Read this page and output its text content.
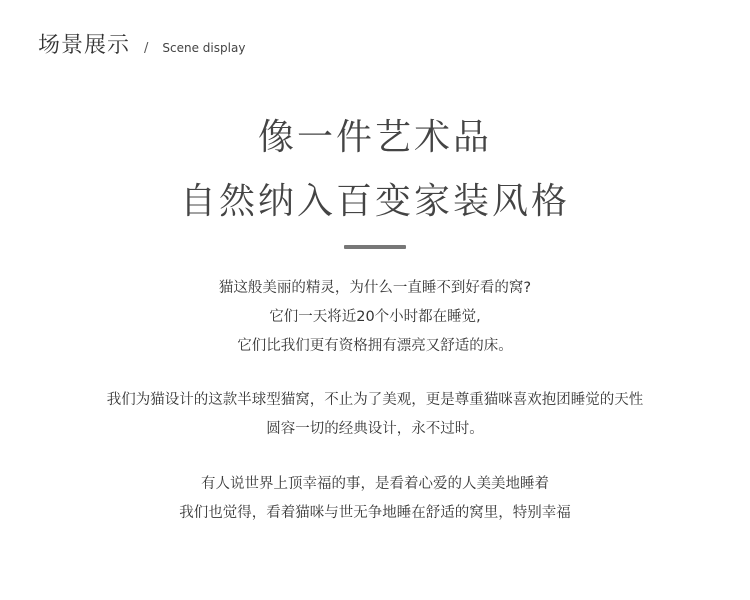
场景展示 / Scene display
像一件艺术品
自然纳入百变家装风格

猫这般美丽的精灵，为什么一直睡不到好看的窝?

它们一天将近20个小时都在睡觉,

它们比我们更有资格拥有漂亮又舒适的床。

我们为猫设计的这款半球型猫窝，不止为了美观，更是尊重猫咪喜欢抱团睡觉的天性

圆容一切的经典设计，永不过时。

有人说世界上顶幸福的事，是看着心爱的人美美地睡着

我们也觉得，看着猫咪与世无争地睡在舒适的窝里，特别幸福
